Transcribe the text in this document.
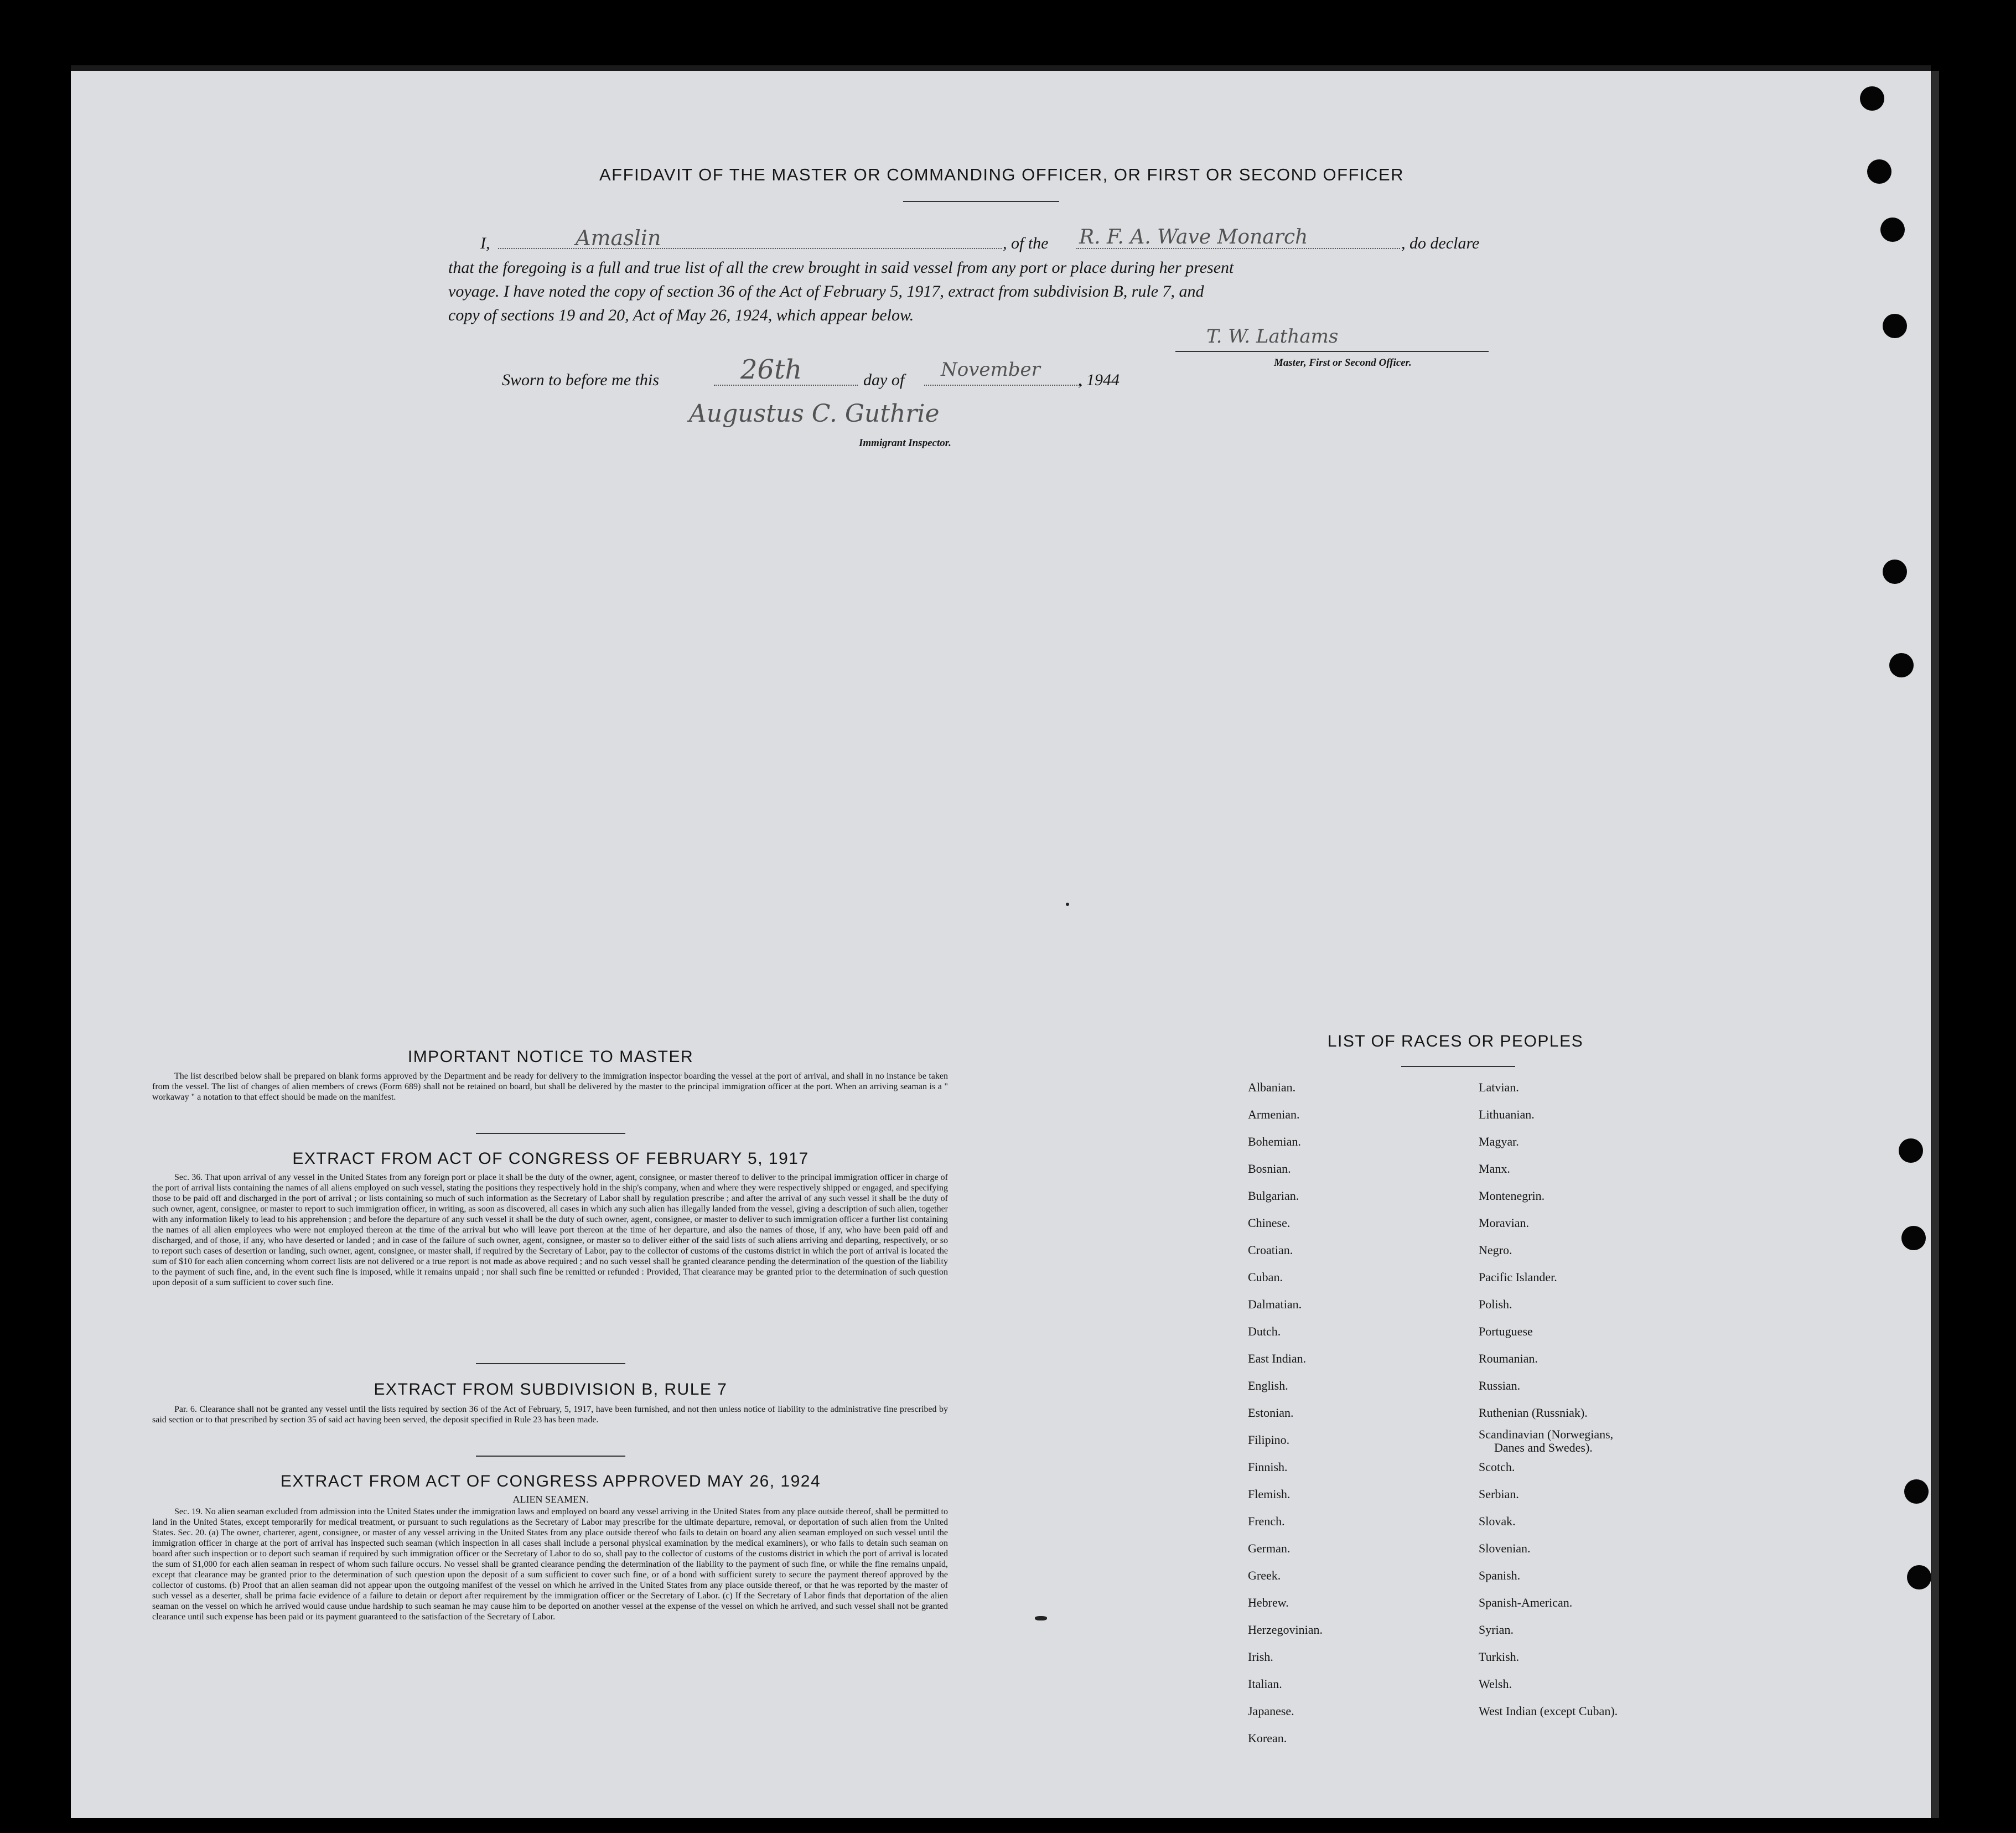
AFFIDAVIT OF THE MASTER OR COMMANDING OFFICER, OR FIRST OR SECOND OFFICER
I,	Amaslin	, of the R. F. A. Wave Monarch	, do declare
that the foregoing is a full and true list of all the crew brought in said vessel from any port or place during her present
voyage. I have noted the copy of section 36 of the Act of February 5, 1917, extract from subdivision B, rule 7, and
copy of sections 19 and 20, Act of May 26, 1924, which appear below.
T. W. Lathams
Master, First or Second Officer.
Sworn to before me this	26th	day of November , 1944
Augustus C. Guthrie
Immigrant Inspector.
IMPORTANT NOTICE TO MASTER
The list described below shall be prepared on blank forms approved by the Department and be ready for delivery to the immigration inspector boarding the vessel at the port of arrival, and shall in no instance be taken from the vessel. The list of changes of alien members of crews (Form 689) shall not be retained on board, but shall be delivered by the master to the principal immigration officer at the port. When an arriving seaman is a " workaway " a notation to that effect should be made on the manifest.
EXTRACT FROM ACT OF CONGRESS OF FEBRUARY 5, 1917
Sec. 36. That upon arrival of any vessel in the United States from any foreign port or place it shall be the duty of the owner, agent, consignee, or master thereof to deliver to the principal immigration officer in charge of the port of arrival lists containing the names of all aliens employed on such vessel, stating the positions they respectively hold in the ship's company, when and where they were respectively shipped or engaged, and specifying those to be paid off and discharged in the port of arrival ; or lists containing so much of such information as the Secretary of Labor shall by regulation prescribe ; and after the arrival of any such vessel it shall be the duty of such owner, agent, consignee, or master to report to such immigration officer, in writing, as soon as discovered, all cases in which any such alien has illegally landed from the vessel, giving a description of such alien, together with any information likely to lead to his apprehension ; and before the departure of any such vessel it shall be the duty of such owner, agent, consignee, or master to deliver to such immigration officer a further list containing the names of all alien employees who were not employed thereon at the time of the arrival but who will leave port thereon at the time of her departure, and also the names of those, if any, who have been paid off and discharged, and of those, if any, who have deserted or landed ; and in case of the failure of such owner, agent, consignee, or master so to deliver either of the said lists of such aliens arriving and departing, respectively, or so to report such cases of desertion or landing, such owner, agent, consignee, or master shall, if required by the Secretary of Labor, pay to the collector of customs of the customs district in which the port of arrival is located the sum of $10 for each alien concerning whom correct lists are not delivered or a true report is not made as above required ; and no such vessel shall be granted clearance pending the determination of the question of the liability to the payment of such fine, and, in the event such fine is imposed, while it remains unpaid ; nor shall such fine be remitted or refunded : Provided, That clearance may be granted prior to the determination of such question upon deposit of a sum sufficient to cover such fine.
EXTRACT FROM SUBDIVISION B, RULE 7
Par. 6. Clearance shall not be granted any vessel until the lists required by section 36 of the Act of February, 5, 1917, have been furnished, and not then unless notice of liability to the administrative fine prescribed by said section or to that prescribed by section 35 of said act having been served, the deposit specified in Rule 23 has been made.
EXTRACT FROM ACT OF CONGRESS APPROVED MAY 26, 1924
ALIEN SEAMEN.
Sec. 19. No alien seaman excluded from admission into the United States under the immigration laws and employed on board any vessel arriving in the United States from any place outside thereof, shall be permitted to land in the United States, except temporarily for medical treatment, or pursuant to such regulations as the Secretary of Labor may prescribe for the ultimate departure, removal, or deportation of such alien from the United States. Sec. 20. (a) The owner, charterer, agent, consignee, or master of any vessel arriving in the United States from any place outside thereof who fails to detain on board any alien seaman employed on such vessel until the immigration officer in charge at the port of arrival has inspected such seaman (which inspection in all cases shall include a personal physical examination by the medical examiners), or who fails to detain such seaman on board after such inspection or to deport such seaman if required by such immigration officer or the Secretary of Labor to do so, shall pay to the collector of customs of the customs district in which the port of arrival is located the sum of $1,000 for each alien seaman in respect of whom such failure occurs. No vessel shall be granted clearance pending the determination of the liability to the payment of such fine, or while the fine remains unpaid, except that clearance may be granted prior to the determination of such question upon the deposit of a sum sufficient to cover such fine, or of a bond with sufficient surety to secure the payment thereof approved by the collector of customs. (b) Proof that an alien seaman did not appear upon the outgoing manifest of the vessel on which he arrived in the United States from any place outside thereof, or that he was reported by the master of such vessel as a deserter, shall be prima facie evidence of a failure to detain or deport after requirement by the immigration officer or the Secretary of Labor. (c) If the Secretary of Labor finds that deportation of the alien seaman on the vessel on which he arrived would cause undue hardship to such seaman he may cause him to be deported on another vessel at the expense of the vessel on which he arrived, and such vessel shall not be granted clearance until such expense has been paid or its payment guaranteed to the satisfaction of the Secretary of Labor.
LIST OF RACES OR PEOPLES
Albanian.
Armenian.
Bohemian.
Bosnian.
Bulgarian.
Chinese.
Croatian.
Cuban.
Dalmatian.
Dutch.
East Indian.
English.
Estonian.
Filipino.
Finnish.
Flemish.
French.
German.
Greek.
Hebrew.
Herzegovinian.
Irish.
Italian.
Japanese.
Korean.
Latvian.
Lithuanian.
Magyar.
Manx.
Montenegrin.
Moravian.
Negro.
Pacific Islander.
Polish.
Portuguese
Roumanian.
Russian.
Ruthenian (Russniak).
Scandinavian (Norwegians,
Danes and Swedes).
Scotch.
Serbian.
Slovak.
Slovenian.
Spanish.
Spanish-American.
Syrian.
Turkish.
Welsh.
West Indian (except Cuban).
